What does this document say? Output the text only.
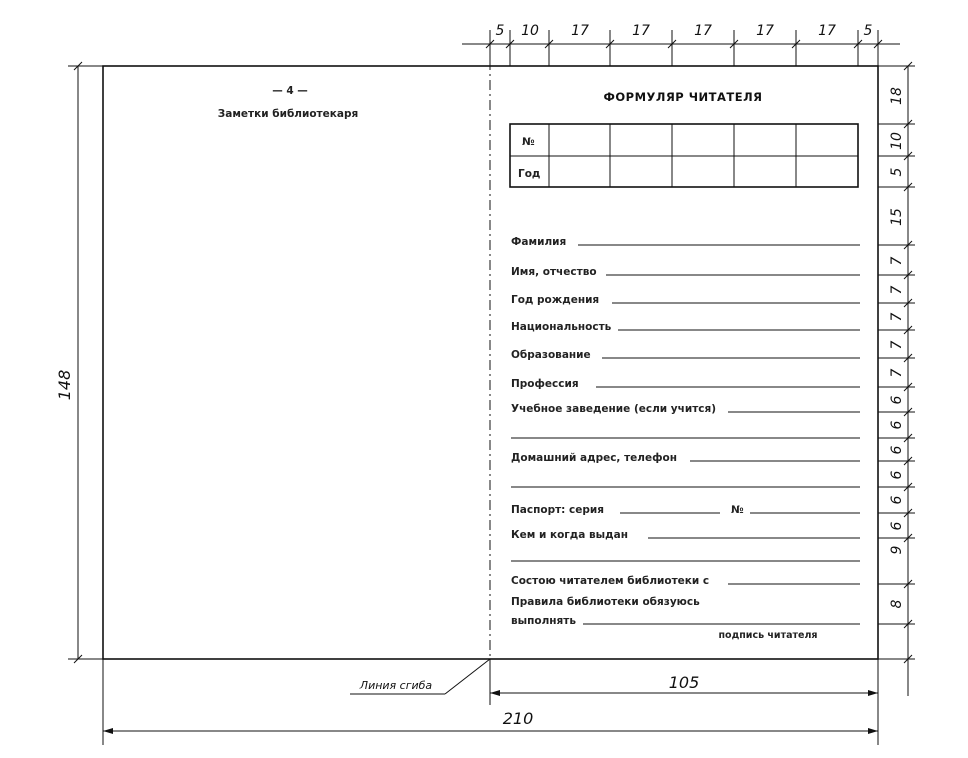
— 4 —
Заметки библиотекаря
ФОРМУЛЯР ЧИТАТЕЛЯ
№
Год
Фамилия
Имя, отчество
Год рождения
Национальность
Образование
Профессия
Учебное заведение (если учится)
Домашний адрес, телефон
Паспорт: серия	№
Кем и когда выдан
Состою читателем библиотеки с
Правила библиотеки обязуюсь
выполнять
подпись читателя
5 10 17	17	17	17	17 5
18
10
5
15
7
7
7
7
7
6
6
6
6
6
6
9
8
148
105
210
Линия сгиба
